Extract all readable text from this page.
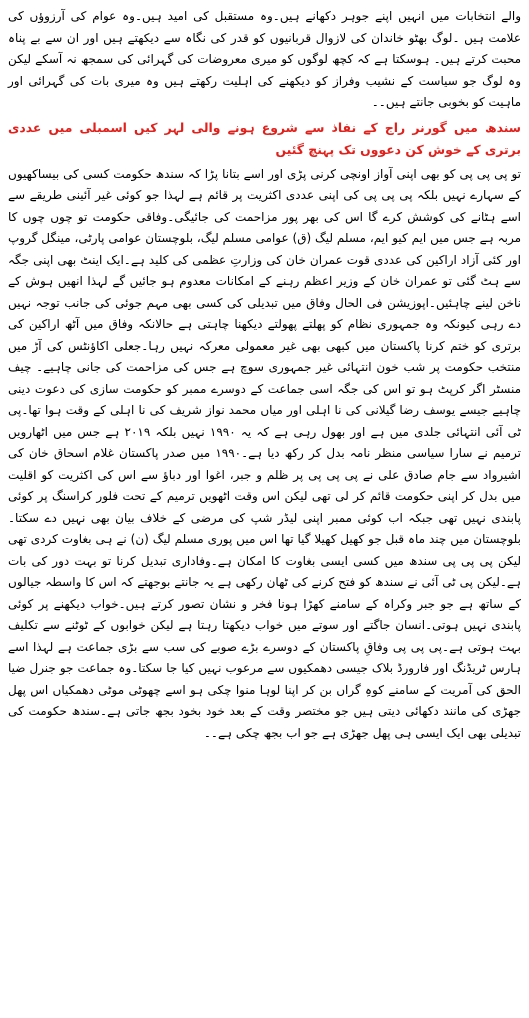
والے انتخابات میں انہیں اپنے جوہر دکھانے ہیں۔وہ مستقبل کی امید ہیں۔وہ عوام کی آرزوؤں کی علامت ہیں ۔لوگ بھٹو خاندان کی لازوال قربانیوں کو قدر کی نگاہ سے دیکھتے ہیں اور ان سے بے پناہ محبت کرتے ہیں۔ ہوسکتا ہے کہ کچھ لوگوں کو میری معروضات کی گہرائی کی سمجھ نہ آسکے لیکن وہ لوگ جو سیاست کے نشیب وفراز کو دیکھنے کی اہلیت رکھتے ہیں وہ میری بات کی گہرائی اور ماہیت کو بخوبی جانتے ہیں۔۔

سندھ میں گورنر راج کے نفاذ سے شروع ہونے والی لہر کیں اسمبلی میں عددی برتری کے خوش کن دعووں تک پہنچ گئیں

تو پی پی پی کو بھی اپنی آواز اونچی کرنی پڑی اور اسے بتانا پڑا کہ سندھ حکومت کسی کی بیساکھیوں کے سہارے نہیں بلکہ پی پی پی کی اپنی عددی اکثریت پر قائم ہے لہذا جو کوئی غیر آئینی طریقے سے اسے ہٹانے کی کوشش کرے گا اس کی بھر پور مزاحمت کی جائیگی۔وفاقی حکومت تو چوں چوں کا مربہ ہے جس میں ایم کیو ایم، مسلم لیگ (ق) عوامی مسلم لیگ، بلوچستان عوامی پارٹی، مینگل گروپ اور کئی آزاد اراکین کی عددی قوت عمران خان کی وزارتِ عظمی کی کلید ہے۔ایک اینٹ بھی اپنی جگہ سے ہٹ گئی تو عمران خان کے وزیر اعظم رہنے کے امکانات معدوم ہو جائیں گے لہذا انھیں ہوش کے ناخن لینے چاہئیں۔اپوزیشن فی الحال وفاق میں تبدیلی کی کسی بھی مہم جوئی کی جانب توجہ نہیں دے رہی کیونکہ وہ جمہوری نظام کو پھلتے پھولتے دیکھنا چاہتی ہے حالانکہ وفاق میں آٹھ اراکین کی برتری کو ختم کرنا پاکستان میں کبھی بھی غیر معمولی معرکہ نہیں رہا۔جعلی اکاؤنٹس کی آڑ میں منتخب حکومت پر شب خون انتہائی غیر جمہوری سوچ ہے جس کی مزاحمت کی جانی چاہیے۔ چیف منسٹر اگر کرپٹ ہو تو اس کی جگہ اسی جماعت کے دوسرے ممبر کو حکومت سازی کی دعوت دینی چاہیے جیسے یوسف رضا گیلانی کی نا اہلی اور میاں محمد نواز شریف کی نا اہلی کے وقت ہوا تھا۔پی ٹی آئی انتہائی جلدی میں ہے اور بھول رہی ہے کہ یہ ۱۹۹۰ نہیں بلکہ ۲۰۱۹ ہے جس میں اٹھارویں ترمیم نے سارا سیاسی منظر نامہ بدل کر رکھ دیا ہے۔۱۹۹۰ میں صدر پاکستان غلام اسحاق خان کی اشیرواد سے جام صادق علی نے پی پی پی پر ظلم و جبر، اغوا اور دباؤ سے اس کی اکثریت کو اقلیت میں بدل کر اپنی حکومت قائم کر لی تھی لیکن اس وقت اٹھویں ترمیم کے تحت فلور کراسنگ پر کوئی پابندی نہیں تھی جبکہ اب کوئی ممبر اپنی لیڈر شپ کی مرضی کے خلاف بیان بھی نہیں دے سکتا۔بلوچستان میں چند ماہ قبل جو کھیل کھیلا گیا تھا اس میں پوری مسلم لیگ (ن) نے ہی بغاوت کردی تھی لیکن پی پی پی سندھ میں کسی ایسی بغاوت کا امکان ہے۔وفاداری تبدیل کرنا تو بہت دور کی بات ہے۔لیکن پی ٹی آئی نے سندھ کو فتح کرنے کی ٹھان رکھی ہے یہ جانتے بوجھتے کہ اس کا واسطہ جیالوں کے ساتھ ہے جو جبر وکراہ کے سامنے کھڑا ہونا فخر و نشان تصور کرتے ہیں۔خواب دیکھنے پر کوئی پابندی نہیں ہوتی۔انسان جاگتے اور سوتے میں خواب دیکھتا رہتا ہے لیکن خوابوں کے ٹوٹنے سے تکلیف بہت ہوتی ہے۔پی پی پی وفاقِ پاکستان کے دوسرے بڑے صوبے کی سب سے بڑی جماعت ہے لہذا اسے ہارس ٹریڈنگ اور فارورڈ بلاک جیسی دھمکیوں سے مرعوب نہیں کیا جا سکتا۔وہ جماعت جو جنرل ضیا الحق کی آمریت کے سامنے کوہِ گراں بن کر اپنا لوہا منوا چکی ہو اسے چھوٹی موٹی دھمکیاں اس پھل جھڑی کی مانند دکھائی دیتی ہیں جو مختصر وقت کے بعد خود بخود بجھ جاتی ہے۔سندھ حکومت کی تبدیلی بھی ایک ایسی ہی پھل جھڑی ہے جو اب بجھ چکی ہے۔۔
